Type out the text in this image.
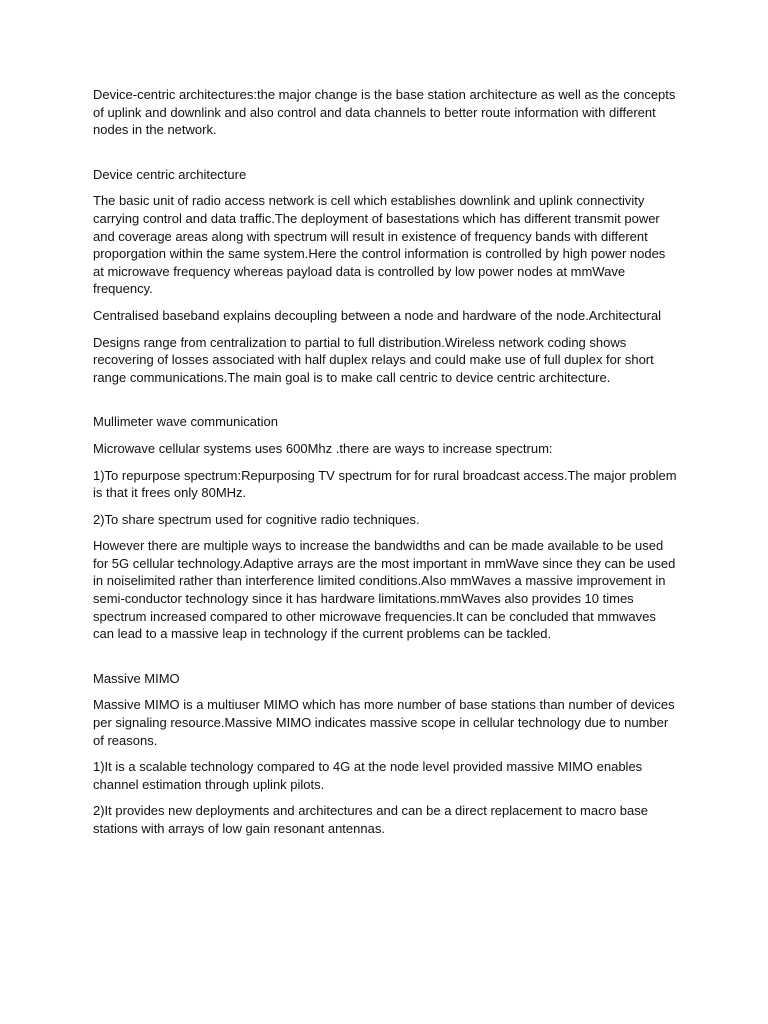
Device-centric architectures:the major change is the base station architecture as well as the concepts of uplink and downlink and also control and data channels to better route information with different nodes in the network.

Device centric architecture

The basic unit of radio access network is cell which establishes downlink and uplink connectivity carrying control and data traffic.The deployment of basestations which has different transmit power and coverage areas along with spectrum will result in existence of frequency bands with different proporgation within the same system.Here the control information is controlled by high power nodes at microwave frequency whereas payload data is controlled by low power nodes at mmWave frequency.

Centralised baseband explains decoupling between a node and hardware of the node.Architectural

Designs range from centralization to partial to full distribution.Wireless network coding shows recovering of losses associated with half duplex relays and could make use of full duplex for short range communications.The main goal is to make call centric to device centric architecture.

Mullimeter wave communication

Microwave cellular systems uses 600Mhz .there are ways to increase spectrum:

1)To repurpose spectrum:Repurposing TV spectrum for for rural broadcast access.The major problem is that it frees only 80MHz.

2)To share spectrum used for cognitive radio techniques.

However there are multiple ways to increase the bandwidths and can be made available to be used for 5G cellular technology.Adaptive arrays are the most important in mmWave since they can be used in noiselimited rather than interference limited conditions.Also mmWaves a massive improvement in semi-conductor technology since it has hardware limitations.mmWaves also provides 10 times spectrum increased compared to other microwave frequencies.It can be concluded that mmwaves can lead to a massive leap in technology if the current problems can be tackled.

Massive MIMO

Massive MIMO is a multiuser MIMO which has more number of base stations than number of devices per signaling resource.Massive MIMO indicates massive scope in cellular technology due to number of reasons.

1)It is a scalable technology compared to 4G at the node level provided massive MIMO enables channel estimation through uplink pilots.

2)It provides new deployments and architectures and can be a direct replacement to macro base stations with arrays of low gain resonant antennas.
